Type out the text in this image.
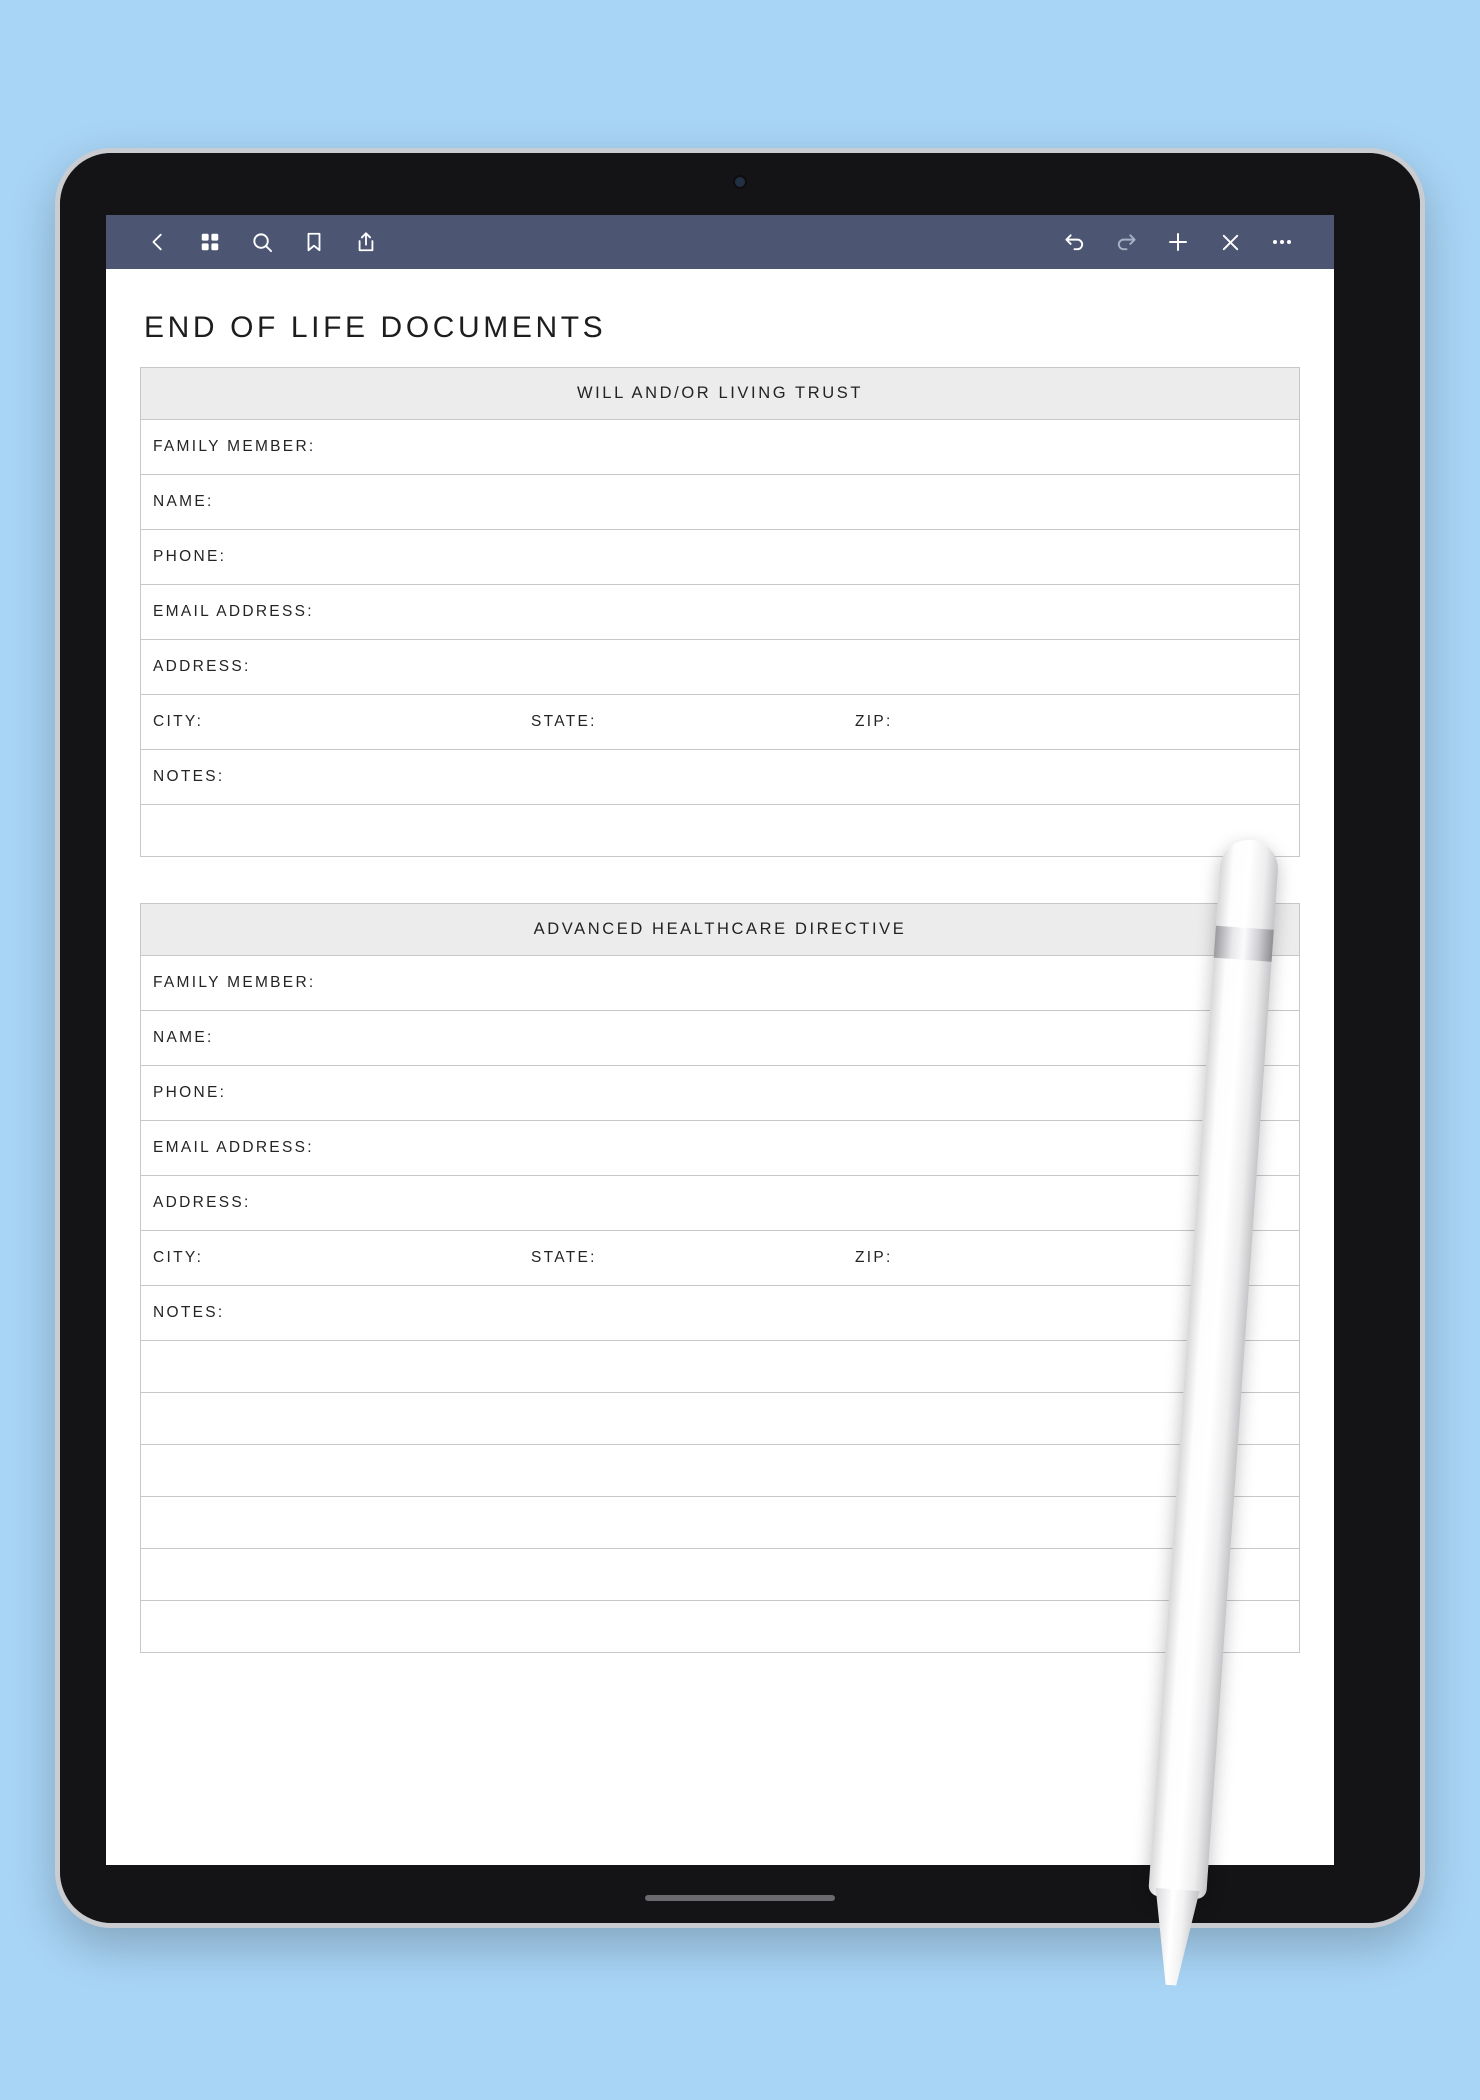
END OF LIFE DOCUMENTS
WILL AND/OR LIVING TRUST
FAMILY MEMBER:
NAME:
PHONE:
EMAIL ADDRESS:
ADDRESS:
CITY:	STATE:	ZIP:
NOTES:
ADVANCED HEALTHCARE DIRECTIVE
FAMILY MEMBER:
NAME:
PHONE:
EMAIL ADDRESS:
ADDRESS:
CITY:	STATE:	ZIP:
NOTES:
